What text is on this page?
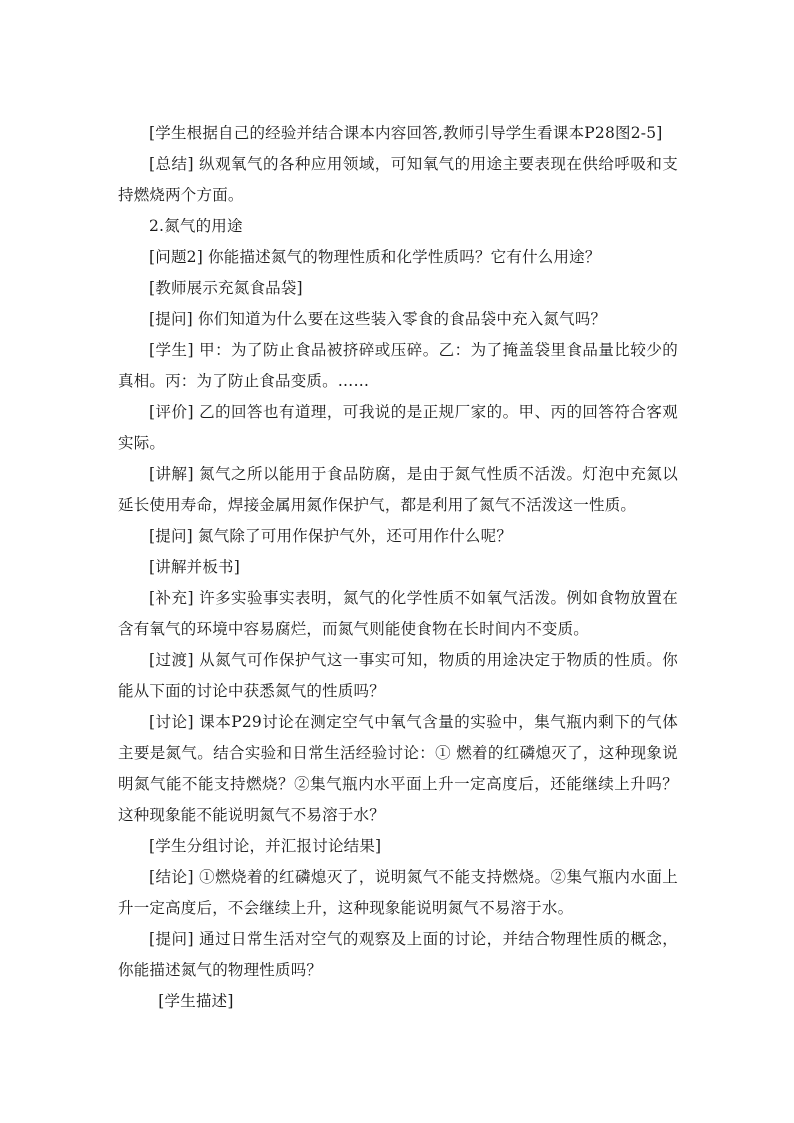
[学生根据自己的经验并结合课本内容回答,教师引导学生看课本P28图2-5]

[总结] 纵观氧气的各种应用领域，可知氧气的用途主要表现在供给呼吸和支持燃烧两个方面。

2.氮气的用途

[问题2] 你能描述氮气的物理性质和化学性质吗？它有什么用途？

[教师展示充氮食品袋]

[提问] 你们知道为什么要在这些装入零食的食品袋中充入氮气吗？

[学生] 甲：为了防止食品被挤碎或压碎。乙：为了掩盖袋里食品量比较少的真相。丙：为了防止食品变质。……

[评价] 乙的回答也有道理，可我说的是正规厂家的。甲、丙的回答符合客观实际。

[讲解] 氮气之所以能用于食品防腐，是由于氮气性质不活泼。灯泡中充氮以延长使用寿命，焊接金属用氮作保护气，都是利用了氮气不活泼这一性质。

[提问] 氮气除了可用作保护气外，还可用作什么呢？

[讲解并板书]

[补充] 许多实验事实表明，氮气的化学性质不如氧气活泼。例如食物放置在含有氧气的环境中容易腐烂，而氮气则能使食物在长时间内不变质。

[过渡] 从氮气可作保护气这一事实可知，物质的用途决定于物质的性质。你能从下面的讨论中获悉氮气的性质吗？

[讨论] 课本P29讨论在测定空气中氧气含量的实验中，集气瓶内剩下的气体主要是氮气。结合实验和日常生活经验讨论：① 燃着的红磷熄灭了，这种现象说明氮气能不能支持燃烧？②集气瓶内水平面上升一定高度后，还能继续上升吗？这种现象能不能说明氮气不易溶于水？

[学生分组讨论，并汇报讨论结果]

[结论] ①燃烧着的红磷熄灭了，说明氮气不能支持燃烧。②集气瓶内水面上升一定高度后，不会继续上升，这种现象能说明氮气不易溶于水。

[提问] 通过日常生活对空气的观察及上面的讨论，并结合物理性质的概念，你能描述氮气的物理性质吗？

[学生描述]
